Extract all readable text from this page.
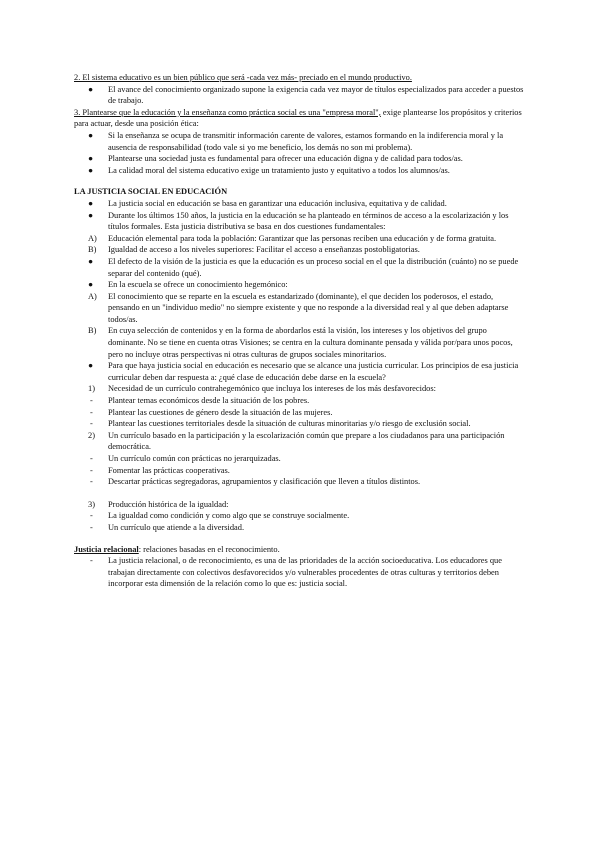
2. El sistema educativo es un bien público que será -cada vez más- preciado en el mundo productivo.

●	El avance del conocimiento organizado supone la exigencia cada vez mayor de títulos especializados para acceder a puestos de trabajo.

3. Plantearse que la educación y la enseñanza como práctica social es una "empresa moral", exige plantearse los propósitos y criterios para actuar, desde una posición ética:

●	Si la enseñanza se ocupa de transmitir información carente de valores, estamos formando en la indiferencia moral y la ausencia de responsabilidad (todo vale si yo me beneficio, los demás no son mi problema).
●	Plantearse una sociedad justa es fundamental para ofrecer una educación digna y de calidad para todos/as.
●	La calidad moral del sistema educativo exige un tratamiento justo y equitativo a todos los alumnos/as.

LA JUSTICIA SOCIAL EN EDUCACIÓN

●	La justicia social en educación se basa en garantizar una educación inclusiva, equitativa y de calidad.
●	Durante los últimos 150 años, la justicia en la educación se ha planteado en términos de acceso a la escolarización y los títulos formales. Esta justicia distributiva se basa en dos cuestiones fundamentales:
A)	Educación elemental para toda la población: Garantizar que las personas reciben una educación y de forma gratuita.
B)	Igualdad de acceso a los niveles superiores: Facilitar el acceso a enseñanzas postobligatorias.
●	El defecto de la visión de la justicia es que la educación es un proceso social en el que la distribución (cuánto) no se puede separar del contenido (qué).
●	En la escuela se ofrece un conocimiento hegemónico:
A)	El conocimiento que se reparte en la escuela es estandarizado (dominante), el que deciden los poderosos, el estado, pensando en un "individuo medio" no siempre existente y que no responde a la diversidad real y al que deben adaptarse todos/as.
B)	En cuya selección de contenidos y en la forma de abordarlos está la visión, los intereses y los objetivos del grupo dominante. No se tiene en cuenta otras Visiones; se centra en la cultura dominante pensada y válida por/para unos pocos, pero no incluye otras perspectivas ni otras culturas de grupos sociales minoritarios.
●	Para que haya justicia social en educación es necesario que se alcance una justicia curricular. Los principios de esa justicia curricular deben dar respuesta a: ¿qué clase de educación debe darse en la escuela?
1)	Necesidad de un currículo contrahegemónico que incluya los intereses de los más desfavorecidos:
-	Plantear temas económicos desde la situación de los pobres.
-	Plantear las cuestiones de género desde la situación de las mujeres.
-	Plantear las cuestiones territoriales desde la situación de culturas minoritarias y/o riesgo de exclusión social.
2)	Un currículo basado en la participación y la escolarización común que prepare a los ciudadanos para una participación democrática.
-	Un currículo común con prácticas no jerarquizadas.
-	Fomentar las prácticas cooperativas.
-	Descartar prácticas segregadoras, agrupamientos y clasificación que lleven a títulos distintos.
3)	Producción histórica de la igualdad:
-	La igualdad como condición y como algo que se construye socialmente.
-	Un currículo que atiende a la diversidad.

Justicia relacional: relaciones basadas en el reconocimiento.

-	La justicia relacional, o de reconocimiento, es una de las prioridades de la acción socioeducativa. Los educadores que trabajan directamente con colectivos desfavorecidos y/o vulnerables procedentes de otras culturas y territorios deben incorporar esta dimensión de la relación como lo que es: justicia social.
